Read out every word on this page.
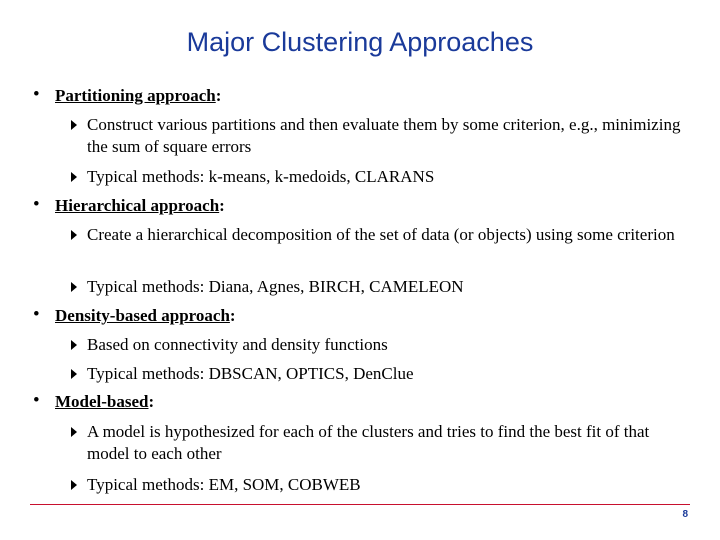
Major Clustering Approaches
• Partitioning approach:
Construct various partitions and then evaluate them by some criterion, e.g., minimizing the sum of square errors
Typical methods: k-means, k-medoids, CLARANS
• Hierarchical approach:
Create a hierarchical decomposition of the set of data (or objects) using some criterion
Typical methods: Diana, Agnes, BIRCH, CAMELEON
• Density-based approach:
Based on connectivity and density functions
Typical methods: DBSCAN, OPTICS, DenClue
• Model-based:
A model is hypothesized for each of the clusters and tries to find the best fit of that model to each other
Typical methods: EM, SOM, COBWEB
8
